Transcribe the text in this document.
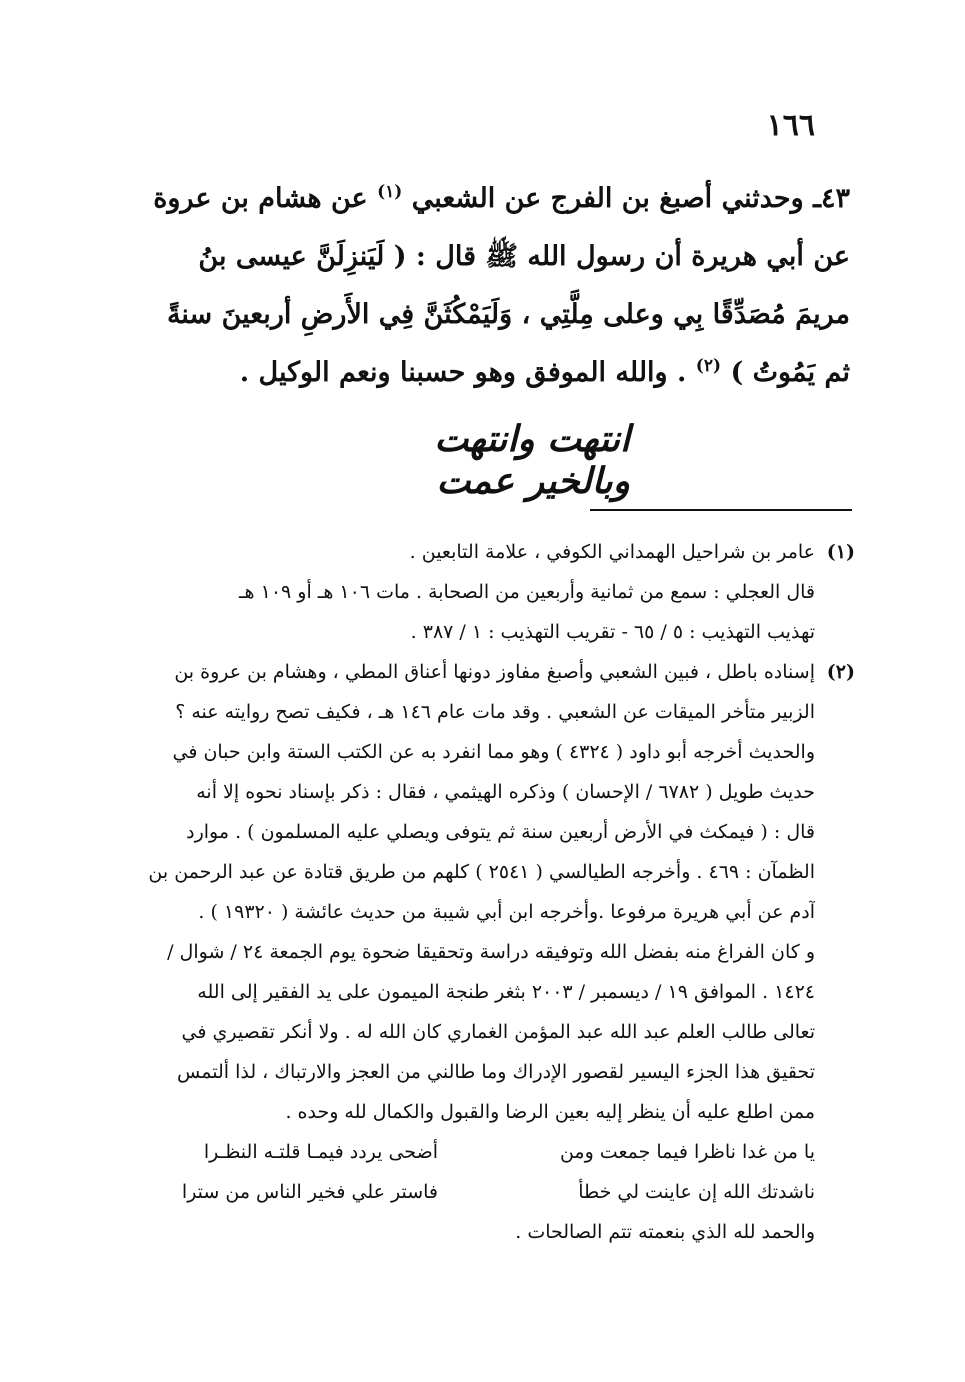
١٦٦
٤٣ـ وحدثني أصبغ بن الفرج عن الشعبي $^{(١)}$ عن هشام بن عروة
عن أبي هريرة أن رسول الله ﷺ قال : ( لَيَنزِلَنَّ عيسى بنُ
مريمَ مُصَدِّقًا بِي وعلى مِلَّتِي ، وَلَيَمْكُثَنَّ فِي الأَرضِ أربعينَ سنةً
ثم يَمُوتُ ) $^{(٢)}$ . والله الموفق وهو حسبنا ونعم الوكيل .
انتهت وانتهت وبالخير عمت
(١)
عامر بن شراحيل الهمداني الكوفي ، علامة التابعين .
قال العجلي : سمع من ثمانية وأربعين من الصحابة . مات ١٠٦ هـ أو ١٠٩ هـ
تهذيب التهذيب : ٥ / ٦٥ - تقريب التهذيب : ١ / ٣٨٧ .
(٢)
إسناده باطل ، فبين الشعبي وأصبغ مفاوز دونها أعناق المطي ، وهشام بن عروة بن
الزبير متأخر الميقات عن الشعبي . وقد مات عام ١٤٦ هـ ، فكيف تصح روايته عنه ؟
والحديث أخرجه أبو داود ( ٤٣٢٤ ) وهو مما انفرد به عن الكتب الستة وابن حبان في
حديث طويل ( ٦٧٨٢ / الإحسان ) وذكره الهيثمي ، فقال : ذكر بإسناد نحوه إلا أنه
قال : ( فيمكث في الأرض أربعين سنة ثم يتوفى ويصلي عليه المسلمون ) . موارد
الظمآن : ٤٦٩ . وأخرجه الطيالسي ( ٢٥٤١ ) كلهم من طريق قتادة عن عبد الرحمن بن
آدم عن أبي هريرة مرفوعا .وأخرجه ابن أبي شيبة من حديث عائشة ( ١٩٣٢٠ ) .
و كان الفراغ منه بفضل الله وتوفيقه دراسة وتحقيقا ضحوة يوم الجمعة ٢٤ / شوال /
١٤٢٤ . الموافق ١٩ / ديسمبر / ٢٠٠٣ بثغر طنجة الميمون على يد الفقير إلى الله
تعالى طالب العلم عبد الله عبد المؤمن الغماري كان الله له . ولا أنكر تقصيري في
تحقيق هذا الجزء اليسير لقصور الإدراك وما طالني من العجز والارتباك ، لذا ألتمس
ممن اطلع عليه أن ينظر إليه بعين الرضا والقبول والكمال لله وحده .
يا من غدا ناظرا فيما جمعت ومن
أضحى يردد فيمـا قلتـه النظـرا
ناشدتك الله إن عاينت لي خطأ
فاستر علي فخير الناس من سترا
والحمد لله الذي بنعمته تتم الصالحات .
